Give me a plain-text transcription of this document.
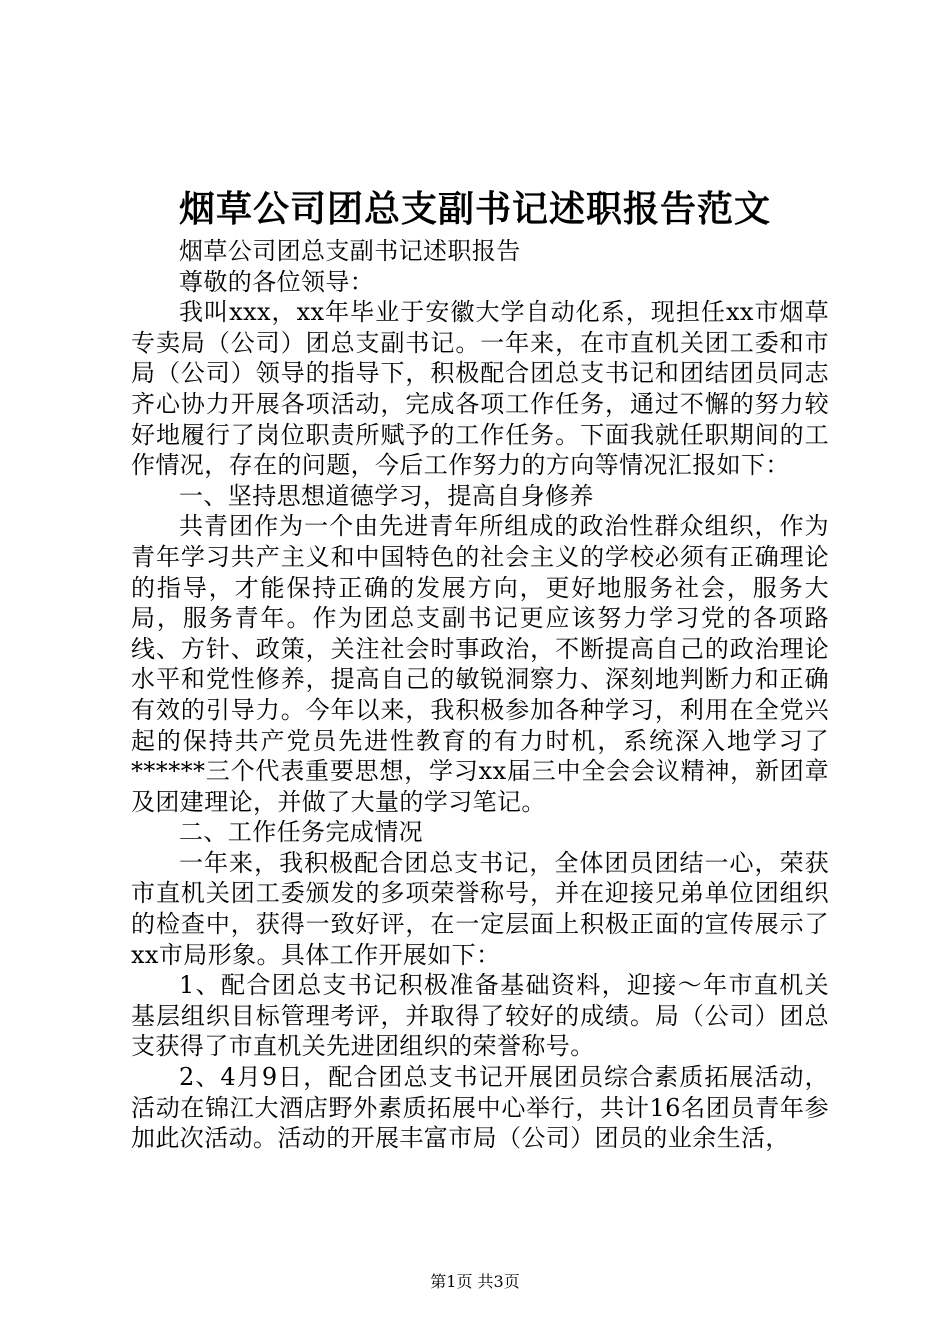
烟草公司团总支副书记述职报告范文

烟草公司团总支副书记述职报告

尊敬的各位领导：

我叫xxx，xx年毕业于安徽大学自动化系，现担任xx市烟草专卖局（公司）团总支副书记。一年来，在市直机关团工委和市局（公司）领导的指导下，积极配合团总支书记和团结团员同志齐心协力开展各项活动，完成各项工作任务，通过不懈的努力较好地履行了岗位职责所赋予的工作任务。下面我就任职期间的工作情况，存在的问题，今后工作努力的方向等情况汇报如下：

一、坚持思想道德学习，提高自身修养

共青团作为一个由先进青年所组成的政治性群众组织，作为青年学习共产主义和中国特色的社会主义的学校必须有正确理论的指导，才能保持正确的发展方向，更好地服务社会，服务大局，服务青年。作为团总支副书记更应该努力学习党的各项路线、方针、政策，关注社会时事政治，不断提高自己的政治理论水平和党性修养，提高自己的敏锐洞察力、深刻地判断力和正确有效的引导力。今年以来，我积极参加各种学习，利用在全党兴起的保持共产党员先进性教育的有力时机，系统深入地学习了******三个代表重要思想，学习xx届三中全会会议精神，新团章及团建理论，并做了大量的学习笔记。

二、工作任务完成情况

一年来，我积极配合团总支书记，全体团员团结一心，荣获市直机关团工委颁发的多项荣誉称号，并在迎接兄弟单位团组织的检查中，获得一致好评，在一定层面上积极正面的宣传展示了xx市局形象。具体工作开展如下：

1、配合团总支书记积极准备基础资料，迎接～年市直机关基层组织目标管理考评，并取得了较好的成绩。局（公司）团总支获得了市直机关先进团组织的荣誉称号。

2、4月9日，配合团总支书记开展团员综合素质拓展活动，活动在锦江大酒店野外素质拓展中心举行，共计16名团员青年参加此次活动。活动的开展丰富市局（公司）团员的业余生活，

第1页 共3页
